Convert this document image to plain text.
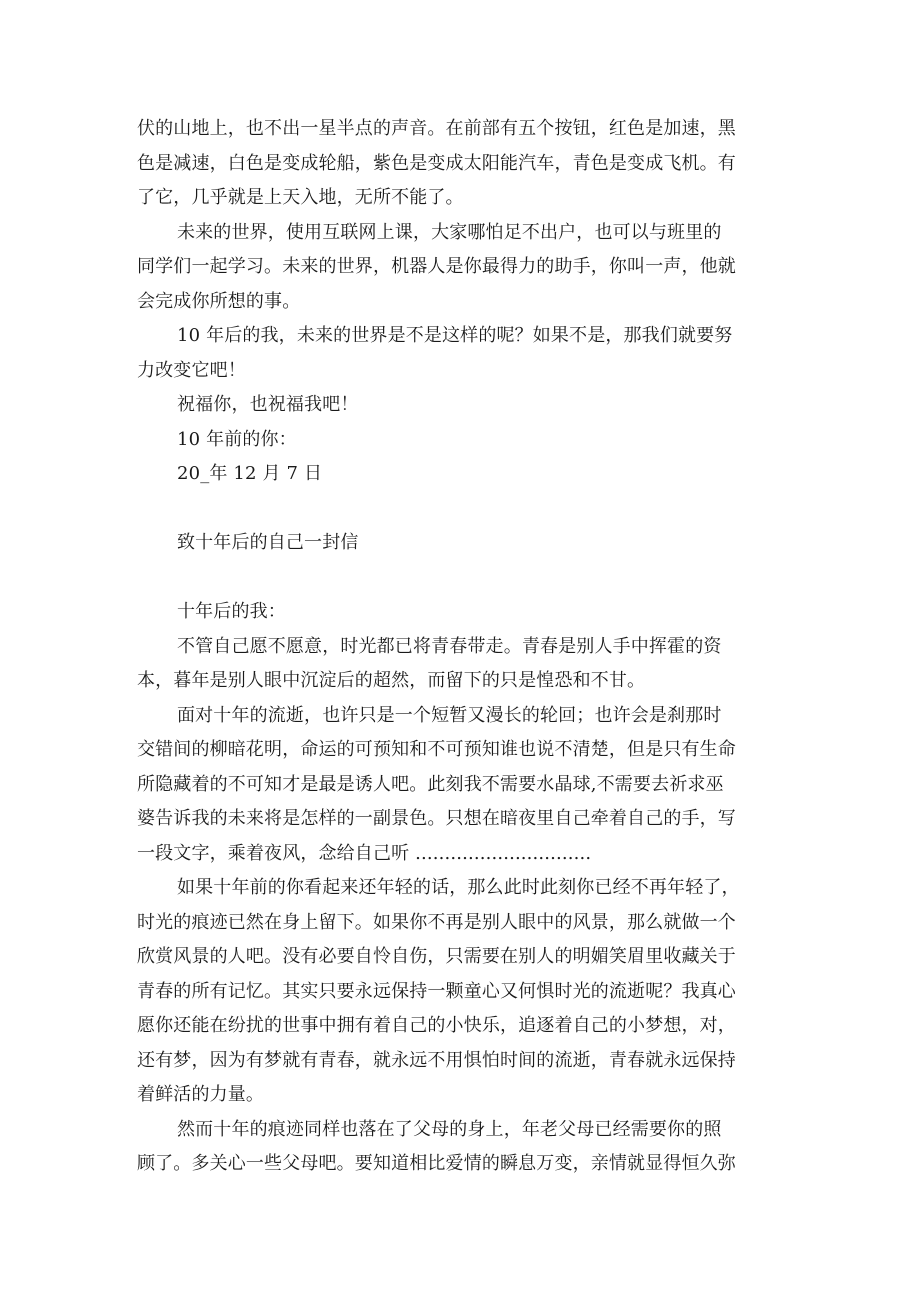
伏的山地上，也不出一星半点的声音。在前部有五个按钮，红色是加速，黑
色是减速，白色是变成轮船，紫色是变成太阳能汽车，青色是变成飞机。有
了它，几乎就是上天入地，无所不能了。
未来的世界，使用互联网上课，大家哪怕足不出户，也可以与班里的
同学们一起学习。未来的世界，机器人是你最得力的助手，你叫一声，他就
会完成你所想的事。
10 年后的我，未来的世界是不是这样的呢？如果不是，那我们就要努
力改变它吧！
祝福你，也祝福我吧！
10 年前的你：
20_年 12 月 7 日
致十年后的自己一封信
十年后的我：
不管自己愿不愿意，时光都已将青春带走。青春是别人手中挥霍的资
本，暮年是别人眼中沉淀后的超然，而留下的只是惶恐和不甘。
面对十年的流逝，也许只是一个短暂又漫长的轮回；也许会是刹那时
交错间的柳暗花明，命运的可预知和不可预知谁也说不清楚，但是只有生命
所隐藏着的不可知才是最是诱人吧。此刻我不需要水晶球,不需要去祈求巫
婆告诉我的未来将是怎样的一副景色。只想在暗夜里自己牵着自己的手，写
一段文字，乘着夜风，念给自己听 ..............................
如果十年前的你看起来还年轻的话，那么此时此刻你已经不再年轻了，
时光的痕迹已然在身上留下。如果你不再是别人眼中的风景，那么就做一个
欣赏风景的人吧。没有必要自怜自伤，只需要在别人的明媚笑眉里收藏关于
青春的所有记忆。其实只要永远保持一颗童心又何惧时光的流逝呢？我真心
愿你还能在纷扰的世事中拥有着自己的小快乐，追逐着自己的小梦想，对，
还有梦，因为有梦就有青春，就永远不用惧怕时间的流逝，青春就永远保持
着鲜活的力量。
然而十年的痕迹同样也落在了父母的身上，年老父母已经需要你的照
顾了。多关心一些父母吧。要知道相比爱情的瞬息万变，亲情就显得恒久弥
